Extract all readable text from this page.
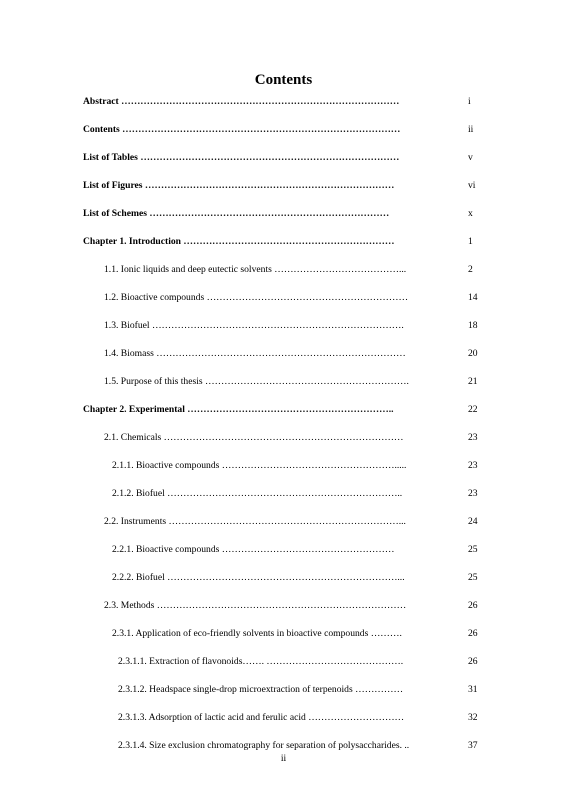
Contents
Abstract ……………………………………………………………………………	i
Contents ……………………………………………………………………………	ii
List of Tables ………………………………………………………………………	v
List of Figures ……………………………………………………………………	vi
List of Schemes …………………………………………………………………	x
Chapter 1. Introduction …………………………………………………………	1
1.1. Ionic liquids and deep eutectic solvents …………………………………...	2
1.2. Bioactive compounds ………………………………………………………	14
1.3. Biofuel …………………………………………………………………….	18
1.4. Biomass ……………………………………………………………………	20
1.5. Purpose of this thesis ……………………………………………………….	21
Chapter 2. Experimental ………………………………………………………..	22
2.1. Chemicals …………………………………………………………………	23
2.1.1. Bioactive compounds ……………………………………………….....	23
2.1.2. Biofuel ………………………………………………………………..	23
2.2. Instruments ………………………………………………………………...	24
2.2.1. Bioactive compounds ………………………………………………	25
2.2.2. Biofuel ………………………………………………………………...	25
2.3. Methods ……………………………………………………………………	26
2.3.1. Application of eco-friendly solvents in bioactive compounds ……….	26
2.3.1.1. Extraction of flavonoids……. …………………………………….	26
2.3.1.2. Headspace single-drop microextraction of terpenoids ……………	31
2.3.1.3. Adsorption of lactic acid and ferulic acid …………………………	32
2.3.1.4. Size exclusion chromatography for separation of polysaccharides. ..	37
ii
